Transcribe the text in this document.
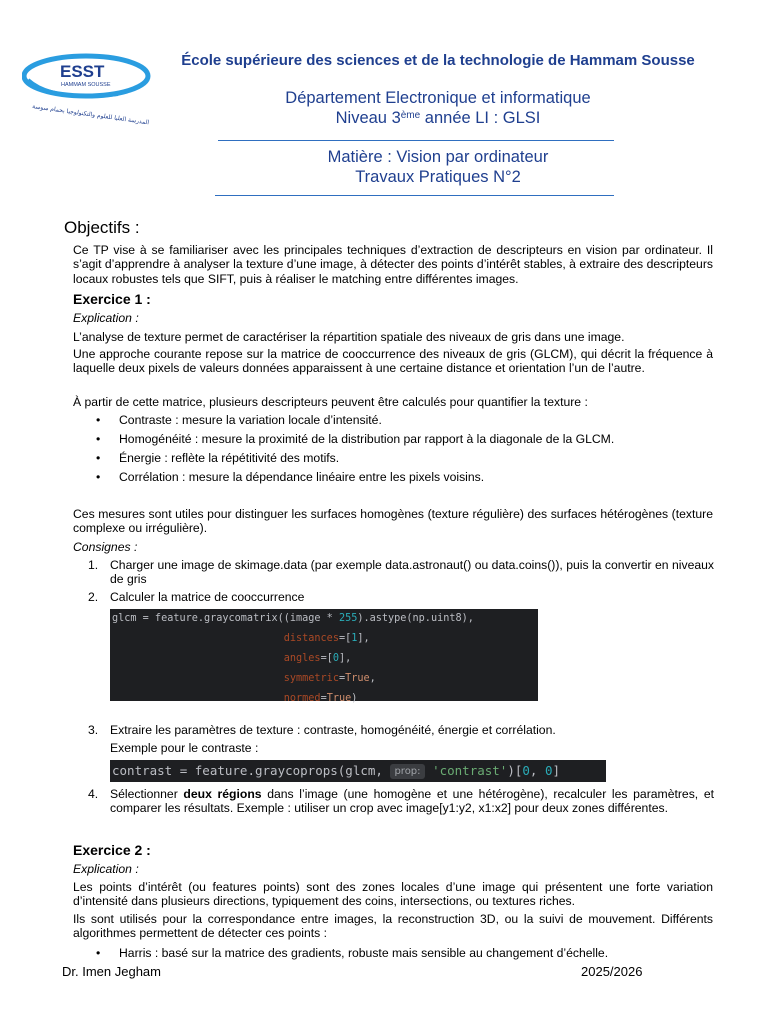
ESST
HAMMAM SOUSSE
المدرسة العليا للعلوم والتكنولوجيا بحمام سوسة
École supérieure des sciences et de la technologie de Hammam Sousse
Département Electronique et informatique
Niveau 3ème année LI : GLSI
Matière : Vision par ordinateur
Travaux Pratiques N°2
Objectifs :
Ce TP vise à se familiariser avec les principales techniques d’extraction de descripteurs en vision par ordinateur. Il s’agit d’apprendre à analyser la texture d’une image, à détecter des points d’intérêt stables, à extraire des descripteurs locaux robustes tels que SIFT, puis à réaliser le matching entre différentes images.
Exercice 1 :
Explication :
L’analyse de texture permet de caractériser la répartition spatiale des niveaux de gris dans une image.
Une approche courante repose sur la matrice de cooccurrence des niveaux de gris (GLCM), qui décrit la fréquence à laquelle deux pixels de valeurs données apparaissent à une certaine distance et orientation l’un de l’autre.
À partir de cette matrice, plusieurs descripteurs peuvent être calculés pour quantifier la texture :
• Contraste : mesure la variation locale d’intensité.
• Homogénéité : mesure la proximité de la distribution par rapport à la diagonale de la GLCM.
• Énergie : reflète la répétitivité des motifs.
• Corrélation : mesure la dépendance linéaire entre les pixels voisins.
Ces mesures sont utiles pour distinguer les surfaces homogènes (texture régulière) des surfaces hétérogènes (texture complexe ou irrégulière).
Consignes :
1. Charger une image de skimage.data (par exemple data.astronaut() ou data.coins()), puis la convertir en niveaux de gris
2. Calculer la matrice de cooccurrence
glcm = feature.graycomatrix((image * 255).astype(np.uint8),
distances=[1],
angles=[0],
symmetric=True,
normed=True)
3. Extraire les paramètres de texture : contraste, homogénéité, énergie et corrélation.
Exemple pour le contraste :
contrast = feature.graycoprops(glcm, prop: 'contrast')[0, 0]
4. Sélectionner deux régions dans l’image (une homogène et une hétérogène), recalculer les paramètres, et comparer les résultats. Exemple : utiliser un crop avec image[y1:y2, x1:x2] pour deux zones différentes.
Exercice 2 :
Explication :
Les points d’intérêt (ou features points) sont des zones locales d’une image qui présentent une forte variation d’intensité dans plusieurs directions, typiquement des coins, intersections, ou textures riches.
Ils sont utilisés pour la correspondance entre images, la reconstruction 3D, ou la suivi de mouvement. Différents algorithmes permettent de détecter ces points :
• Harris : basé sur la matrice des gradients, robuste mais sensible au changement d’échelle.
Dr. Imen Jegham	2025/2026
